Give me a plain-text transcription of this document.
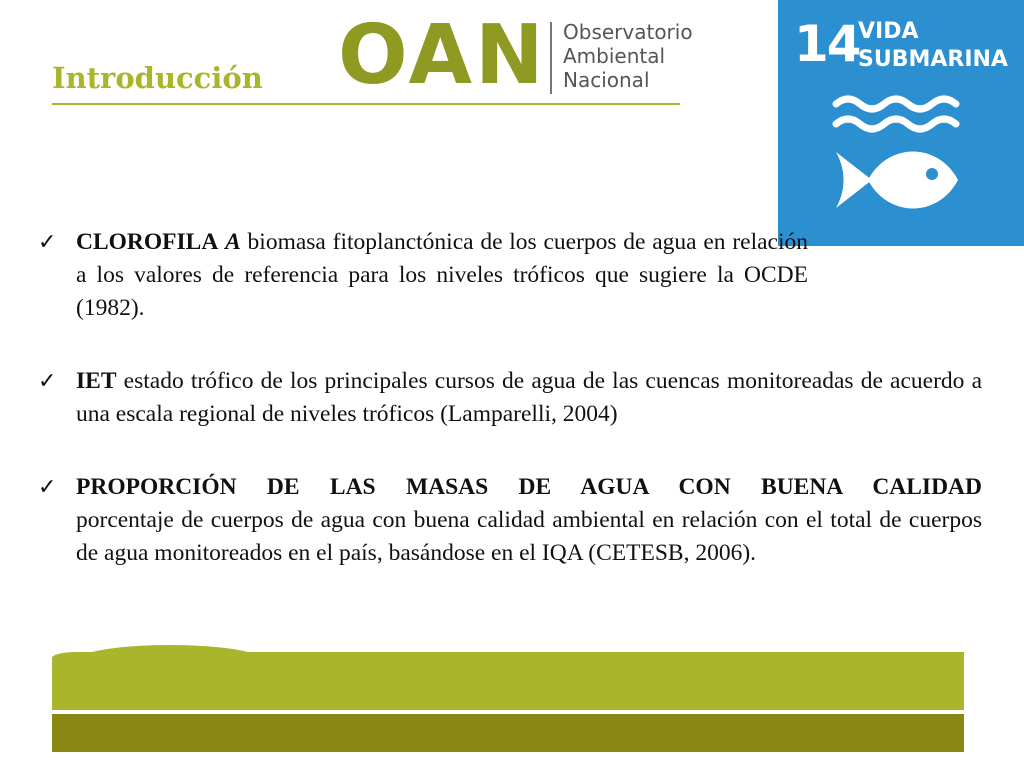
Introducción OAN Observatorio
Ambiental
Nacional
14
VIDA
SUBMARINA
✓ CLOROFILA A biomasa fitoplanctónica de los cuerpos de agua en relación a los valores de referencia para los niveles tróficos que sugiere la OCDE (1982).

✓ IET estado trófico de los principales cursos de agua de las cuencas monitoreadas de acuerdo a una escala regional de niveles tróficos (Lamparelli, 2004)

✓ PROPORCIÓN DE LAS MASAS DE AGUA CON BUENA CALIDAD
porcentaje de cuerpos de agua con buena calidad ambiental en relación con el total de cuerpos de agua monitoreados en el país, basándose en el IQA (CETESB, 2006).
